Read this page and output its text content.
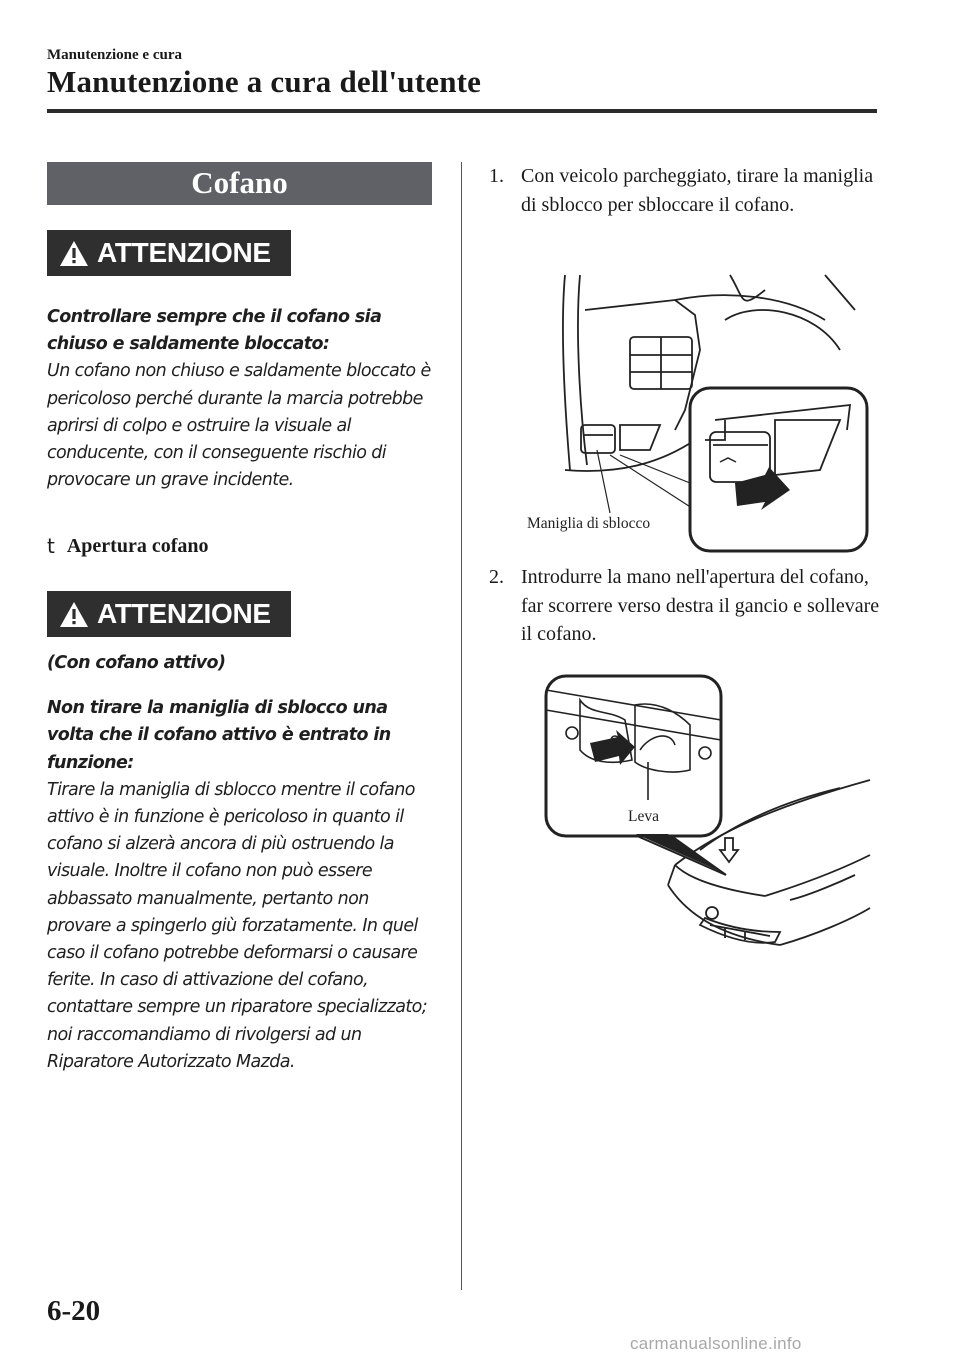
Manutenzione e cura
Manutenzione a cura dell'utente
Cofano
ATTENZIONE

Controllare sempre che il cofano sia chiuso e saldamente bloccato:

Un cofano non chiuso e saldamente bloccato è pericoloso perché durante la marcia potrebbe aprirsi di colpo e ostruire la visuale al conducente, con il conseguente rischio di provocare un grave incidente.

t Apertura cofano
ATTENZIONE

(Con cofano attivo)

Non tirare la maniglia di sblocco una volta che il cofano attivo è entrato in funzione:

Tirare la maniglia di sblocco mentre il cofano attivo è in funzione è pericoloso in quanto il cofano si alzerà ancora di più ostruendo la visuale. Inoltre il cofano non può essere abbassato manualmente, pertanto non provare a spingerlo giù forzatamente. In quel caso il cofano potrebbe deformarsi o causare ferite. In caso di attivazione del cofano, contattare sempre un riparatore specializzato; noi raccomandiamo di rivolgersi ad un Riparatore Autorizzato Mazda.

1. Con veicolo parcheggiato, tirare la maniglia di sblocco per sbloccare il cofano.
Maniglia di sblocco
2. Introdurre la mano nell'apertura del cofano, far scorrere verso destra il gancio e sollevare il cofano.
Leva
6-20
carmanualsonline.info
